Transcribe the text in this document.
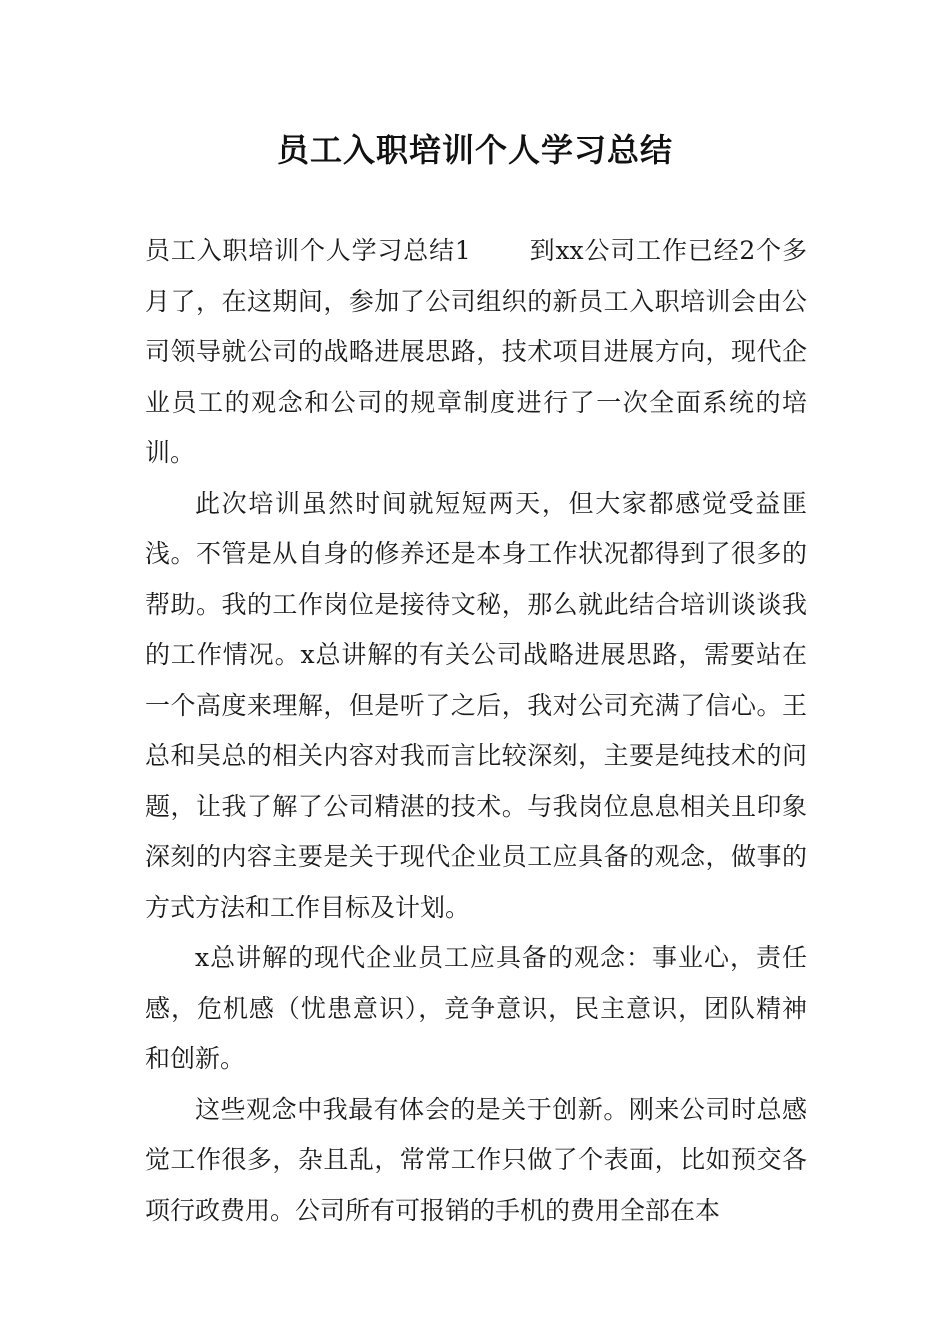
员工入职培训个人学习总结

员工入职培训个人学习总结1 到xx公司工作已经2个多月了，在这期间，参加了公司组织的新员工入职培训会由公司领导就公司的战略进展思路，技术项目进展方向，现代企业员工的观念和公司的规章制度进行了一次全面系统的培训。

此次培训虽然时间就短短两天，但大家都感觉受益匪浅。不管是从自身的修养还是本身工作状况都得到了很多的帮助。我的工作岗位是接待文秘，那么就此结合培训谈谈我的工作情况。x总讲解的有关公司战略进展思路，需要站在一个高度来理解，但是听了之后，我对公司充满了信心。王总和吴总的相关内容对我而言比较深刻，主要是纯技术的问题，让我了解了公司精湛的技术。与我岗位息息相关且印象深刻的内容主要是关于现代企业员工应具备的观念，做事的方式方法和工作目标及计划。

x总讲解的现代企业员工应具备的观念：事业心，责任感，危机感（忧患意识），竞争意识，民主意识，团队精神和创新。

这些观念中我最有体会的是关于创新。刚来公司时总感觉工作很多，杂且乱，常常工作只做了个表面，比如预交各项行政费用。公司所有可报销的手机的费用全部在本
